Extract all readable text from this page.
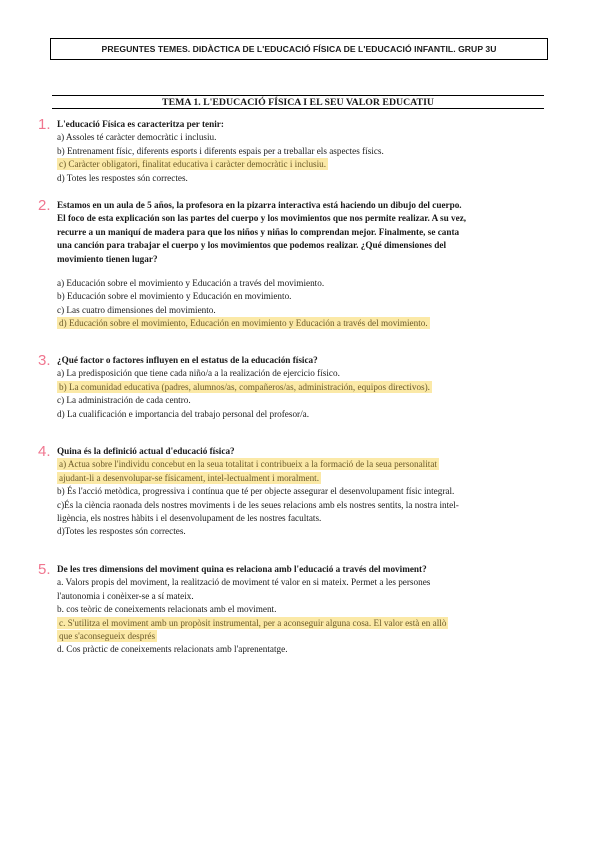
PREGUNTES TEMES. DIDÀCTICA DE L'EDUCACIÓ FÍSICA DE L'EDUCACIÓ INFANTIL. GRUP 3U
TEMA 1. L'EDUCACIÓ FÍSICA I EL SEU VALOR EDUCATIU
1. L'educació Física es caracteritza per tenir:
a) Assoles té caràcter democràtic i inclusiu.
b) Entrenament físic, diferents esports i diferents espais per a treballar els aspectes físics.
c) Caràcter obligatori, finalitat educativa i caràcter democràtic i inclusiu.
d) Totes les respostes són correctes.
2. Estamos en un aula de 5 años, la profesora en la pizarra interactiva está haciendo un dibujo del cuerpo.
El foco de esta explicación son las partes del cuerpo y los movimientos que nos permite realizar. A su vez,
recurre a un maniquí de madera para que los niños y niñas lo comprendan mejor. Finalmente, se canta
una canción para trabajar el cuerpo y los movimientos que podemos realizar. ¿Qué dimensiones del
movimiento tienen lugar?
a) Educación sobre el movimiento y Educación a través del movimiento.
b) Educación sobre el movimiento y Educación en movimiento.
c) Las cuatro dimensiones del movimiento.
d) Educación sobre el movimiento, Educación en movimiento y Educación a través del movimiento.
3. ¿Qué factor o factores influyen en el estatus de la educación física?
a) La predisposición que tiene cada niño/a a la realización de ejercicio físico.
b) La comunidad educativa (padres, alumnos/as, compañeros/as, administración, equipos directivos).
c) La administración de cada centro.
d) La cualificación e importancia del trabajo personal del profesor/a.
4. Quina és la definició actual d'educació física?
a) Actua sobre l'individu concebut en la seua totalitat i contribueix a la formació de la seua personalitat
ajudant-li a desenvolupar-se físicament, intel-lectualment i moralment.
b) És l'acció metòdica, progressiva i contínua que té per objecte assegurar el desenvolupament físic integral.
c)És la ciència raonada dels nostres moviments i de les seues relacions amb els nostres sentits, la nostra intel-
ligència, els nostres hàbits i el desenvolupament de les nostres facultats.
d)Totes les respostes són correctes.
5. De les tres dimensions del moviment quina es relaciona amb l'educació a través del moviment?
a. Valors propis del moviment, la realització de moviment té valor en si mateix. Permet a les persones
l'autonomia i conèixer-se a sí mateix.
b. cos teòric de coneixements relacionats amb el moviment.
c. S'utilitza el moviment amb un propòsit instrumental, per a aconseguir alguna cosa. El valor està en allò
que s'aconsegueix després
d. Cos pràctic de coneixements relacionats amb l'aprenentatge.
